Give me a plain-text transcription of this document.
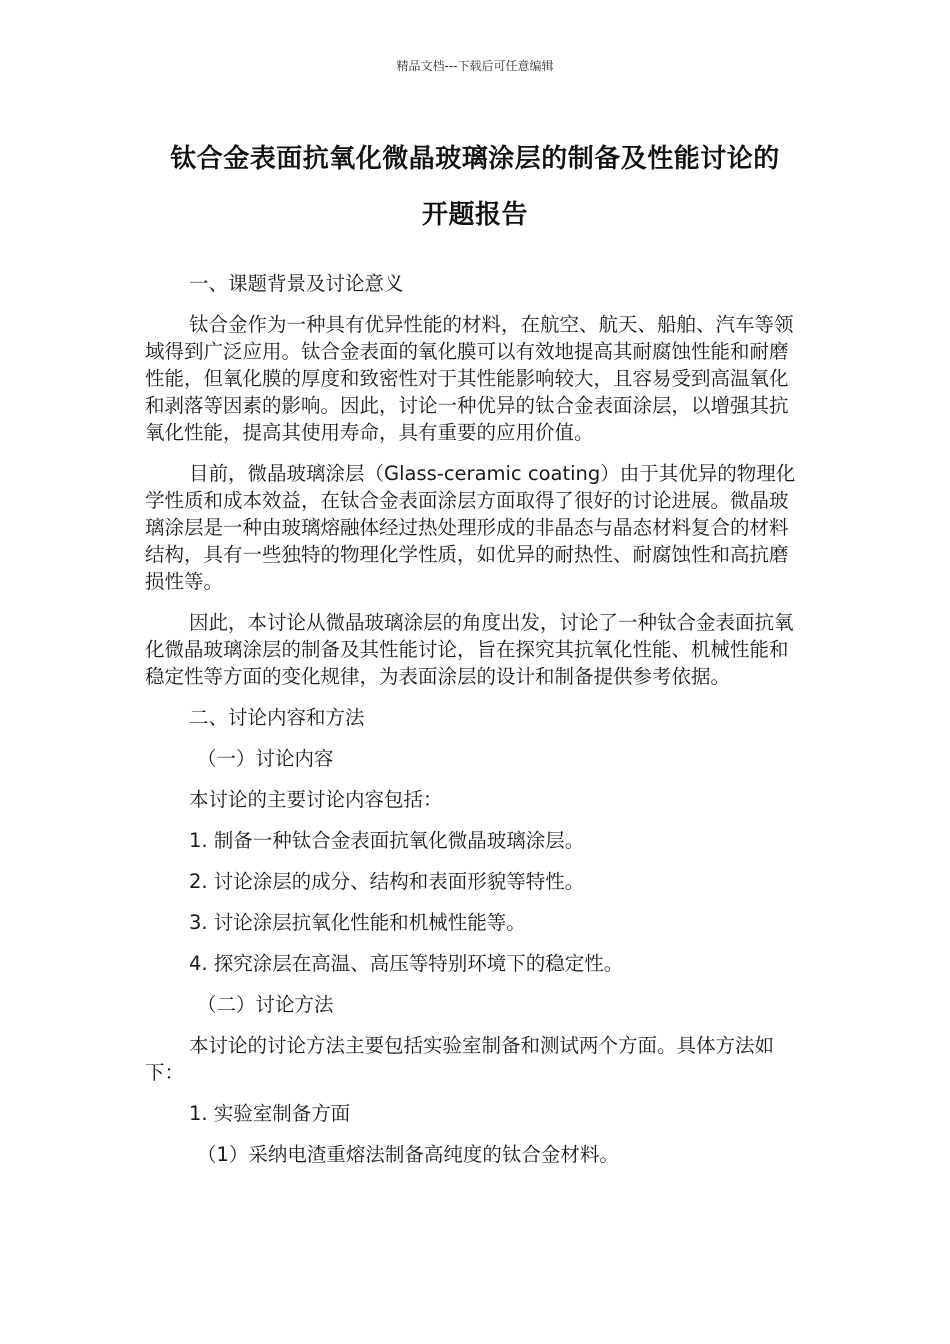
精品文档---下载后可任意编辑
钛合金表面抗氧化微晶玻璃涂层的制备及性能讨论的
开题报告

一、课题背景及讨论意义

钛合金作为一种具有优异性能的材料，在航空、航天、船舶、汽车等领域得到广泛应用。钛合金表面的氧化膜可以有效地提高其耐腐蚀性能和耐磨性能，但氧化膜的厚度和致密性对于其性能影响较大，且容易受到高温氧化和剥落等因素的影响。因此，讨论一种优异的钛合金表面涂层，以增强其抗氧化性能，提高其使用寿命，具有重要的应用价值。

目前，微晶玻璃涂层（Glass-ceramic coating）由于其优异的物理化学性质和成本效益，在钛合金表面涂层方面取得了很好的讨论进展。微晶玻璃涂层是一种由玻璃熔融体经过热处理形成的非晶态与晶态材料复合的材料结构，具有一些独特的物理化学性质，如优异的耐热性、耐腐蚀性和高抗磨损性等。

因此，本讨论从微晶玻璃涂层的角度出发，讨论了一种钛合金表面抗氧化微晶玻璃涂层的制备及其性能讨论，旨在探究其抗氧化性能、机械性能和稳定性等方面的变化规律，为表面涂层的设计和制备提供参考依据。

二、讨论内容和方法

（一）讨论内容

本讨论的主要讨论内容包括：

1. 制备一种钛合金表面抗氧化微晶玻璃涂层。

2. 讨论涂层的成分、结构和表面形貌等特性。

3. 讨论涂层抗氧化性能和机械性能等。

4. 探究涂层在高温、高压等特别环境下的稳定性。

（二）讨论方法

本讨论的讨论方法主要包括实验室制备和测试两个方面。具体方法如下：

1. 实验室制备方面

（1）采纳电渣重熔法制备高纯度的钛合金材料。
